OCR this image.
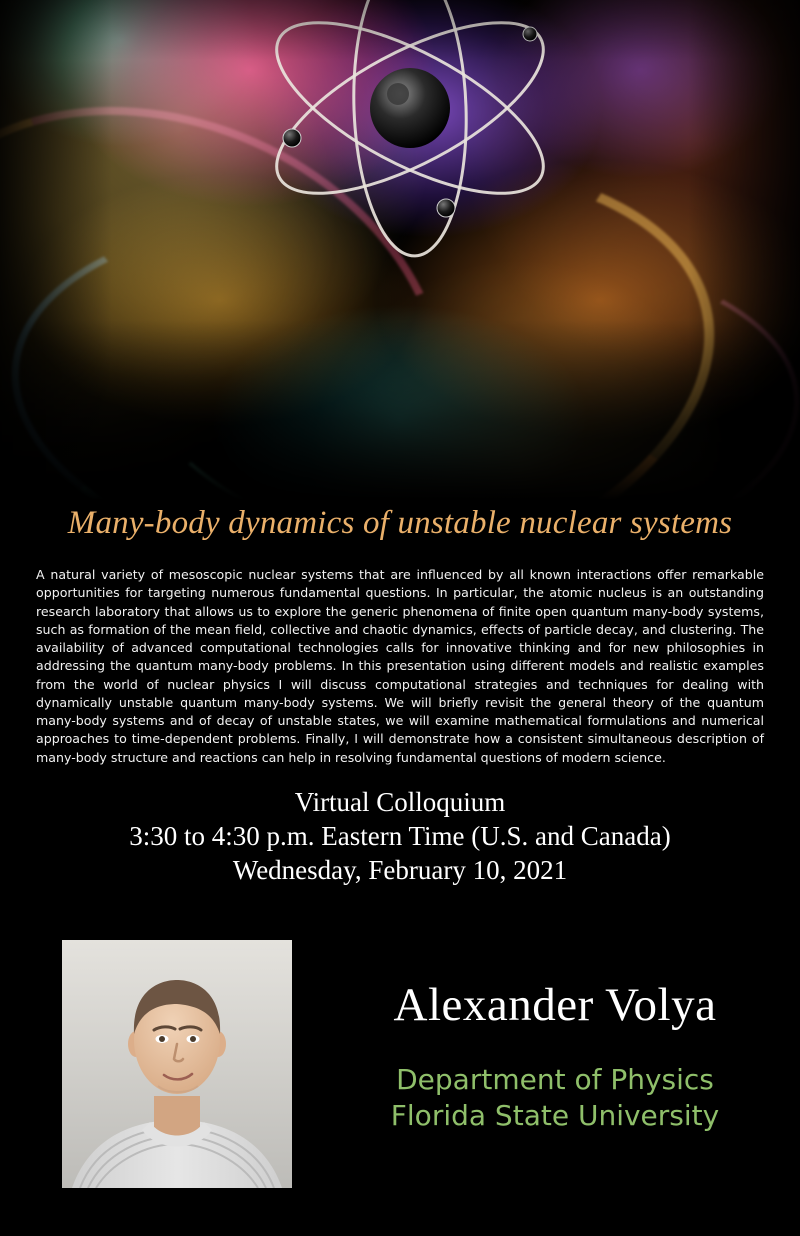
Many-body dynamics of unstable nuclear systems
A natural variety of mesoscopic nuclear systems that are influenced by all known interactions offer remarkable opportunities for targeting numerous fundamental questions. In particular, the atomic nucleus is an outstanding research laboratory that allows us to explore the generic phenomena of finite open quantum many-body systems, such as formation of the mean field, collective and chaotic dynamics, effects of particle decay, and clustering. The availability of advanced computational technologies calls for innovative thinking and for new philosophies in addressing the quantum many-body problems. In this presentation using different models and realistic examples from the world of nuclear physics I will discuss computational strategies and techniques for dealing with dynamically unstable quantum many-body systems. We will briefly revisit the general theory of the quantum many-body systems and of decay of unstable states, we will examine mathematical formulations and numerical approaches to time-dependent problems. Finally, I will demonstrate how a consistent simultaneous description of many-body structure and reactions can help in resolving fundamental questions of modern science.
Virtual Colloquium
3:30 to 4:30 p.m. Eastern Time (U.S. and Canada)
Wednesday, February 10, 2021
Alexander Volya
Department of Physics
Florida State University
